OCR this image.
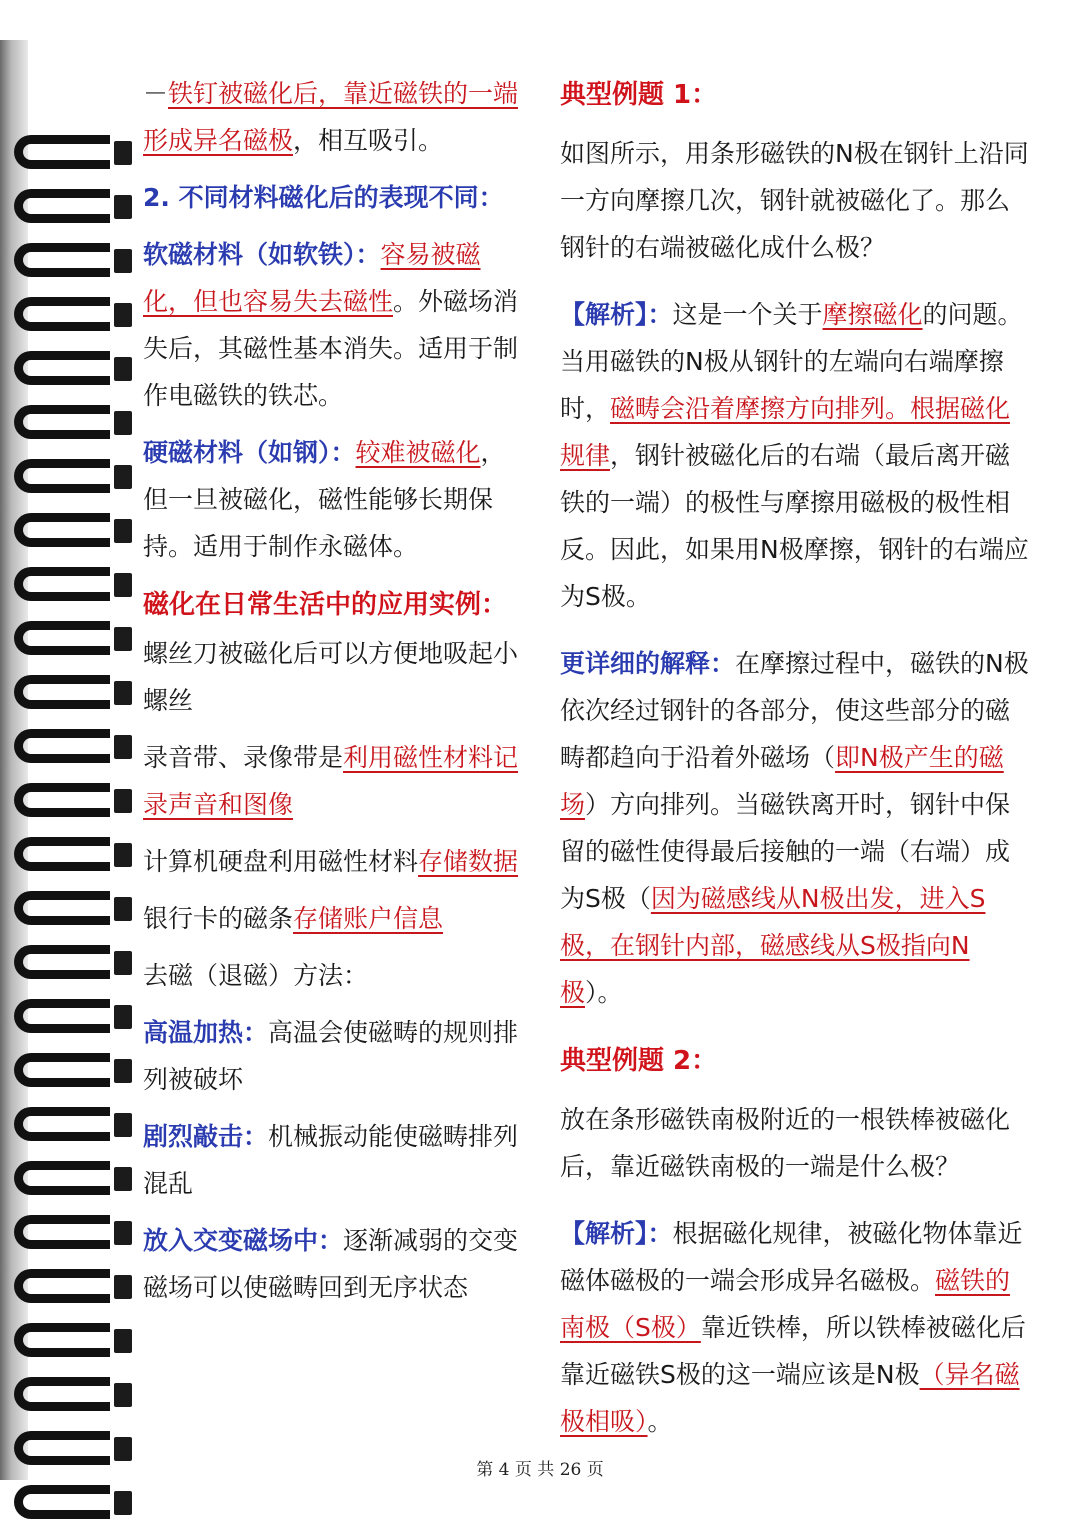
－铁钉被磁化后，靠近磁铁的一端形成异名磁极，相互吸引。

2. 不同材料磁化后的表现不同：

软磁材料（如软铁）：容易被磁化，但也容易失去磁性。外磁场消失后，其磁性基本消失。适用于制作电磁铁的铁芯。

硬磁材料（如钢）：较难被磁化，但一旦被磁化，磁性能够长期保持。适用于制作永磁体。

磁化在日常生活中的应用实例：

螺丝刀被磁化后可以方便地吸起小螺丝

录音带、录像带是利用磁性材料记录声音和图像

计算机硬盘利用磁性材料存储数据

银行卡的磁条存储账户信息

去磁（退磁）方法：

高温加热：高温会使磁畴的规则排列被破坏

剧烈敲击：机械振动能使磁畴排列混乱

放入交变磁场中：逐渐减弱的交变磁场可以使磁畴回到无序状态

典型例题 1：

如图所示，用条形磁铁的N极在钢针上沿同一方向摩擦几次，钢针就被磁化了。那么钢针的右端被磁化成什么极？

【解析】：这是一个关于摩擦磁化的问题。当用磁铁的N极从钢针的左端向右端摩擦时，磁畴会沿着摩擦方向排列。根据磁化规律，钢针被磁化后的右端（最后离开磁铁的一端）的极性与摩擦用磁极的极性相反。因此，如果用N极摩擦，钢针的右端应为S极。

更详细的解释：在摩擦过程中，磁铁的N极依次经过钢针的各部分，使这些部分的磁畴都趋向于沿着外磁场（即N极产生的磁场）方向排列。当磁铁离开时，钢针中保留的磁性使得最后接触的一端（右端）成为S极（因为磁感线从N极出发，进入S极，在钢针内部，磁感线从S极指向N极）。

典型例题 2：

放在条形磁铁南极附近的一根铁棒被磁化后，靠近磁铁南极的一端是什么极？

【解析】：根据磁化规律，被磁化物体靠近磁体磁极的一端会形成异名磁极。磁铁的南极（S极）靠近铁棒，所以铁棒被磁化后靠近磁铁S极的这一端应该是N极（异名磁极相吸）。

第 4 页 共 26 页
